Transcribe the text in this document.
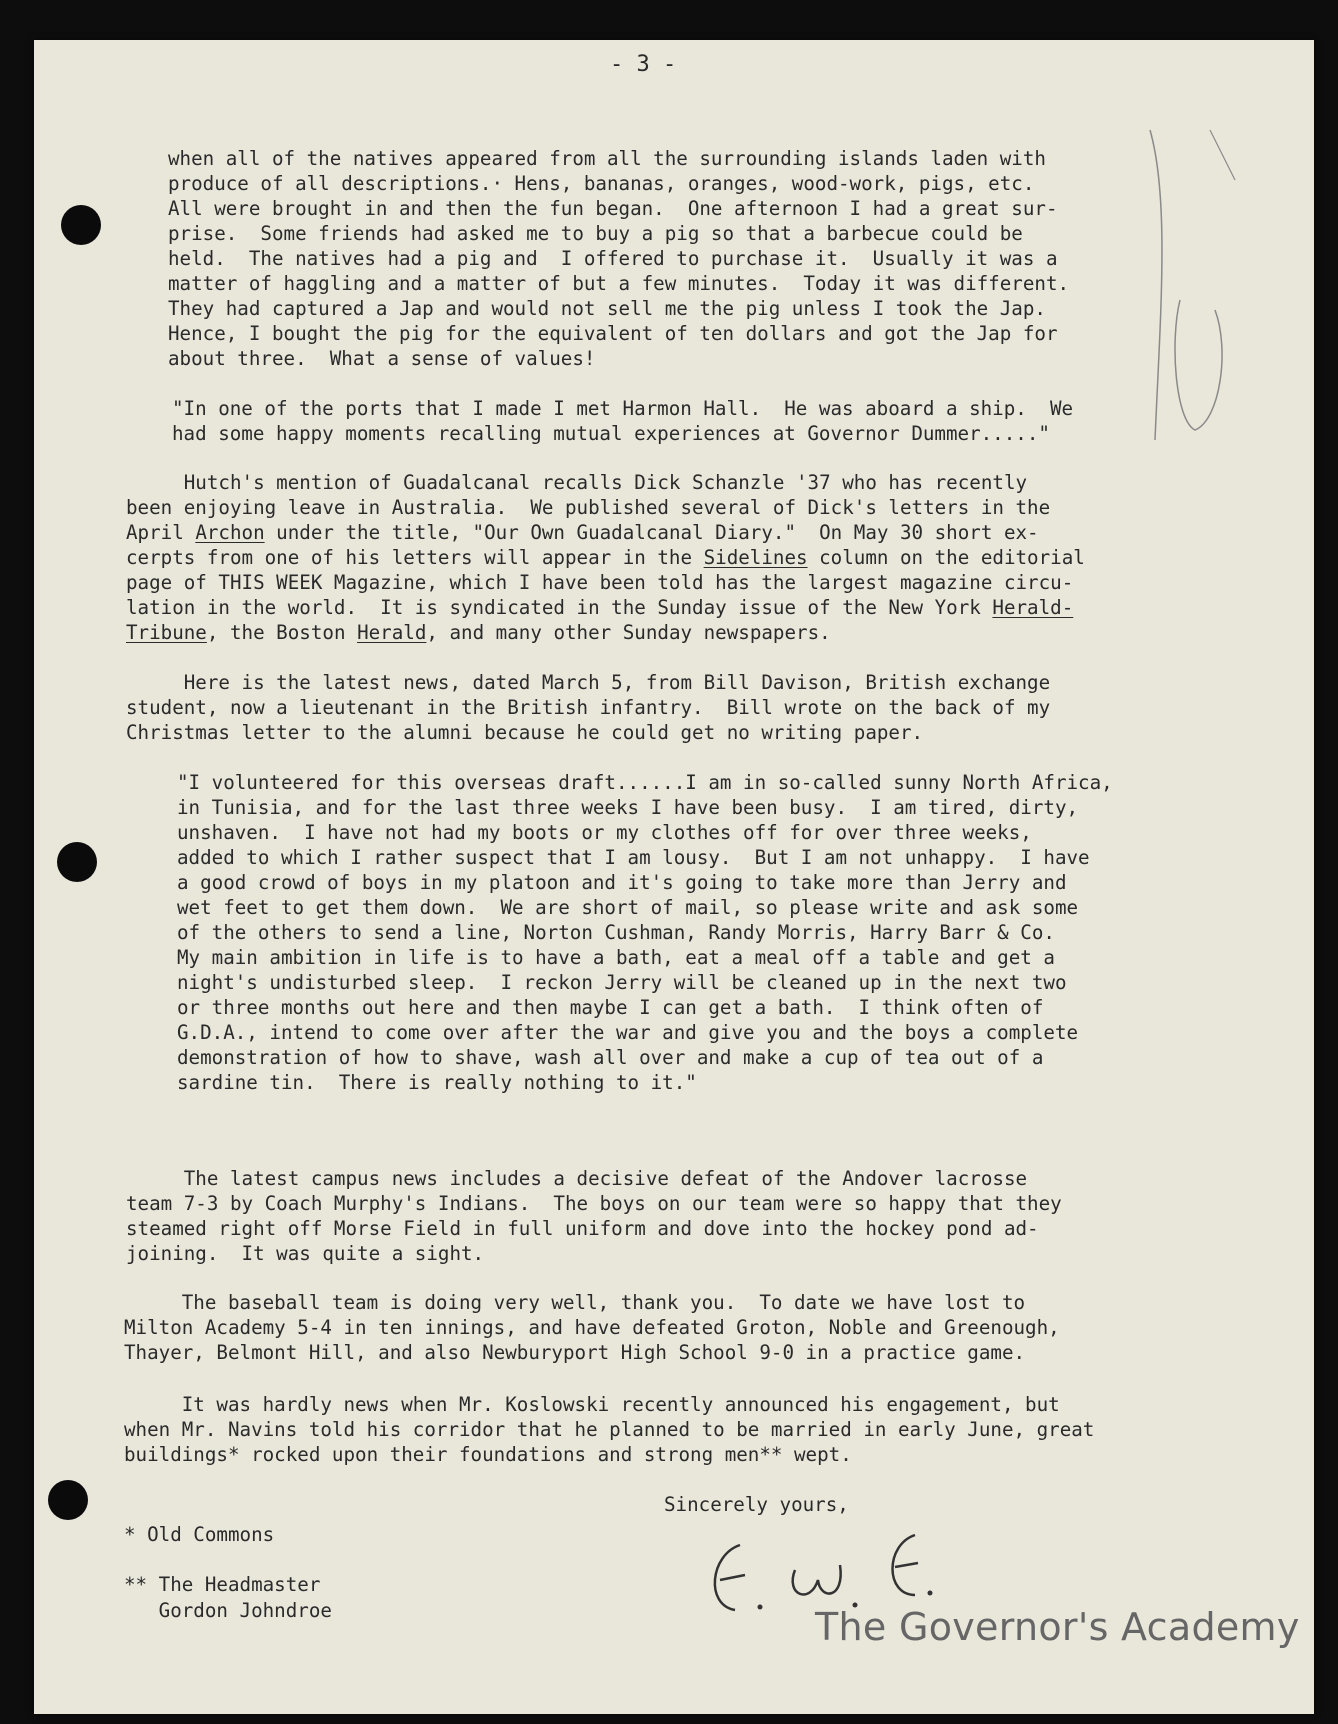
- 3 -
when all of the natives appeared from all the surrounding islands laden with
produce of all descriptions.· Hens, bananas, oranges, wood-work, pigs, etc.
All were brought in and then the fun began.  One afternoon I had a great sur-
prise.  Some friends had asked me to buy a pig so that a barbecue could be
held.  The natives had a pig and  I offered to purchase it.  Usually it was a
matter of haggling and a matter of but a few minutes.  Today it was different.
They had captured a Jap and would not sell me the pig unless I took the Jap.
Hence, I bought the pig for the equivalent of ten dollars and got the Jap for
about three.  What a sense of values!
"In one of the ports that I made I met Harmon Hall.  He was aboard a ship.  We
had some happy moments recalling mutual experiences at Governor Dummer....."
Hutch's mention of Guadalcanal recalls Dick Schanzle '37 who has recently
been enjoying leave in Australia.  We published several of Dick's letters in the
April Archon under the title, "Our Own Guadalcanal Diary."  On May 30 short ex-
cerpts from one of his letters will appear in the Sidelines column on the editorial
page of THIS WEEK Magazine, which I have been told has the largest magazine circu-
lation in the world.  It is syndicated in the Sunday issue of the New York Herald-
Tribune, the Boston Herald, and many other Sunday newspapers.
Here is the latest news, dated March 5, from Bill Davison, British exchange
student, now a lieutenant in the British infantry.  Bill wrote on the back of my
Christmas letter to the alumni because he could get no writing paper.
"I volunteered for this overseas draft......I am in so-called sunny North Africa,
in Tunisia, and for the last three weeks I have been busy.  I am tired, dirty,
unshaven.  I have not had my boots or my clothes off for over three weeks,
added to which I rather suspect that I am lousy.  But I am not unhappy.  I have
a good crowd of boys in my platoon and it's going to take more than Jerry and
wet feet to get them down.  We are short of mail, so please write and ask some
of the others to send a line, Norton Cushman, Randy Morris, Harry Barr & Co.
My main ambition in life is to have a bath, eat a meal off a table and get a
night's undisturbed sleep.  I reckon Jerry will be cleaned up in the next two
or three months out here and then maybe I can get a bath.  I think often of
G.D.A., intend to come over after the war and give you and the boys a complete
demonstration of how to shave, wash all over and make a cup of tea out of a
sardine tin.  There is really nothing to it."
The latest campus news includes a decisive defeat of the Andover lacrosse
team 7-3 by Coach Murphy's Indians.  The boys on our team were so happy that they
steamed right off Morse Field in full uniform and dove into the hockey pond ad-
joining.  It was quite a sight.
The baseball team is doing very well, thank you.  To date we have lost to
Milton Academy 5-4 in ten innings, and have defeated Groton, Noble and Greenough,
Thayer, Belmont Hill, and also Newburyport High School 9-0 in a practice game.
It was hardly news when Mr. Koslowski recently announced his engagement, but
when Mr. Navins told his corridor that he planned to be married in early June, great
buildings* rocked upon their foundations and strong men** wept.
Sincerely yours,
* Old Commons
** The Headmaster
Gordon Johndroe	The Governor's Academy
